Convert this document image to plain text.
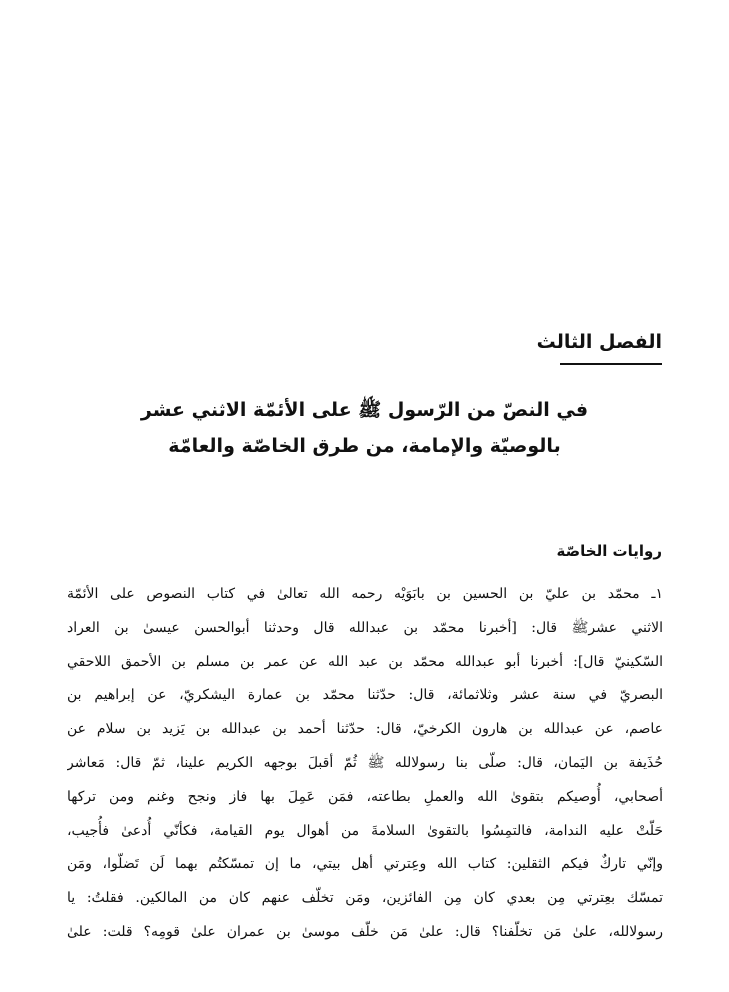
الفصل الثالث
في النصّ من الرّسول ﷺ على الأئمّة الاثني عشر
بالوصيّة والإمامة، من طرق الخاصّة والعامّة
روايات الخاصّة
١ـ محمّد بن عليّ بن الحسين بن بابَوَيْه رحمه الله تعالىٰ في كتاب النصوص على الأئمّة
الاثني عشرﷺ قال: [أخبرنا محمّد بن عبدالله قال وحدثنا أبوالحسن عيسىٰ بن العراد
السّكينيّ قال]: أخبرنا أبو عبدالله محمّد بن عبد الله عن عمر بن مسلم بن الأحمق اللاحقي
البصريّ في سنة عشر وثلاثمائة، قال: حدّثنا محمّد بن عمارة اليشكريّ، عن إبراهيم بن
عاصم، عن عبدالله بن هارون الكرخيّ، قال: حدّثنا أحمد بن عبدالله بن يَزيد بن سلام عن
حُذَيفة بن اليَمان، قال: صلّى بنا رسولالله ﷺ ثُمّ أقبلَ بوجهه الكريم علينا، ثمّ قال: مَعاشر
أصحابي، أُوصيكم بتقوىٰ الله والعملِ بطاعته، فمَن عَمِلَ بها فاز ونجح وغنم ومن تركها
حَلّتْ عليه الندامة، فالتمِسُوا بالتقوىٰ السلامةَ من أهوال يوم القيامة، فكأنّي أُدعىٰ فأُجيب،
وإنّي تاركٌ فيكم الثقلين: كتاب الله وعِترتي أهل بيتي، ما إن تمسّكتُم بهما لَن تَضلّوا، ومَن
تمسّك بعِترتي مِن بعدي كان مِن الفائزين، ومَن تخلّف عنهم كان من المالكين. فقلتُ: يا
رسولالله، علىٰ مَن تخلّفنا؟ قال: علىٰ مَن خلّف موسىٰ بن عمران علىٰ قومِه؟ قلت: علىٰ
